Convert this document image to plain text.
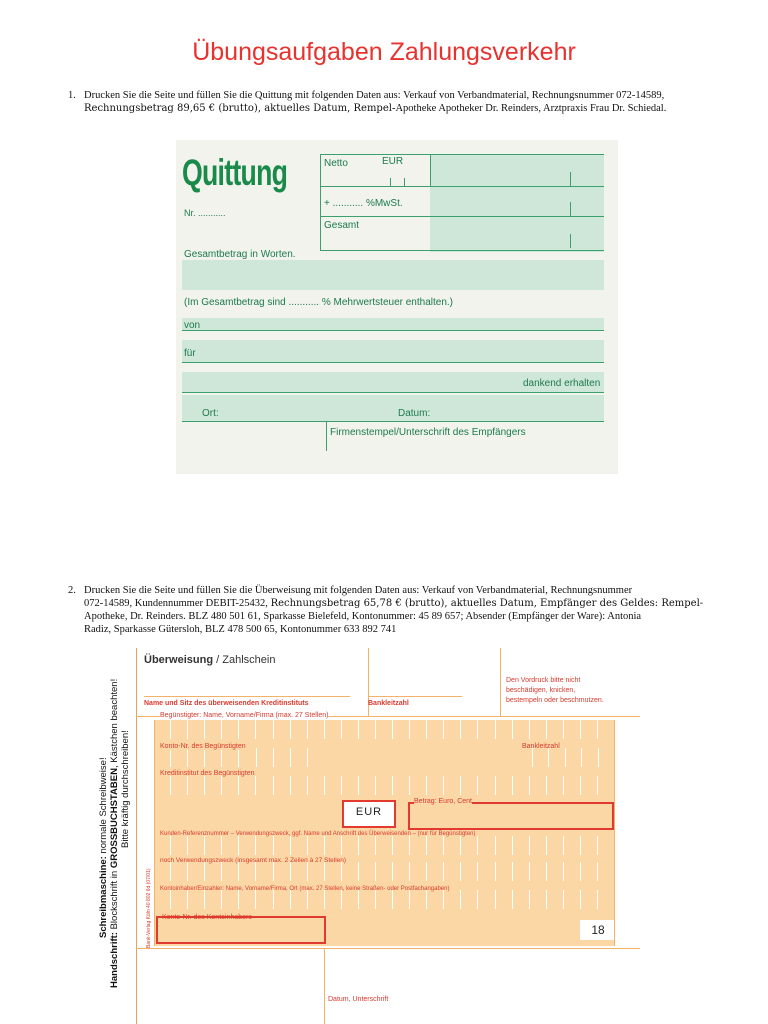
Übungsaufgaben Zahlungsverkehr
1. Drucken Sie die Seite und füllen Sie die Quittung mit folgenden Daten aus: Verkauf von Verbandmaterial, Rechnungsnummer 072-14589,
Rechnungsbetrag 89,65 € (brutto), aktuelles Datum, Rempel-Apotheke Apotheker Dr. Reinders, Arztpraxis Frau Dr. Schiedal.
Quittung	Netto	EUR
Nr. ...........
+ ........... %MwSt.
Gesamt
Gesamtbetrag in Worten.
(Im Gesamtbetrag sind ........... % Mehrwertsteuer enthalten.)
von
für
dankend erhalten
Ort:	Datum:
Firmenstempel/Unterschrift des Empfängers
2. Drucken Sie die Seite und füllen Sie die Überweisung mit folgenden Daten aus: Verkauf von Verbandmaterial, Rechnungsnummer
072-14589, Kundennummer DEBIT-25432, Rechnungsbetrag 65,78 € (brutto), aktuelles Datum, Empfänger des Geldes: Rempel-
Apotheke, Dr. Reinders. BLZ 480 501 61, Sparkasse Bielefeld, Kontonummer: 45 89 657; Absender (Empfänger der Ware): Antonia
Radiz, Sparkasse Gütersloh, BLZ 478 500 65, Kontonummer 633 892 741
Schreibmaschine: normale Schreibweise!
Handschrift: Blockschrift in GROSSBUCHSTABEN, Kästchen beachten!
Bitte kräftig durchschreiben!
Bank-Verlag Köln 40 802 6d (07/01)
Überweisung / Zahlschein
Den Vordruck bitte nicht
beschädigen, knicken,
bestempeln oder beschmutzen.
Name und Sitz des überweisenden Kreditinstituts	Bankleitzahl
Begünstigter: Name, Vorname/Firma (max. 27 Stellen)
Konto-Nr. des Begünstigten	Bankleitzahl
Kreditinstitut des Begünstigten
EUR
Betrag: Euro, Cent
Kunden-Referenznummer – Verwendungszweck, ggf. Name und Anschrift des Überweisenden – (nur für Begünstigten)
noch Verwendungszweck (insgesamt max. 2 Zeilen à 27 Stellen)
Kontoinhaber/Einzahler: Name, Vorname/Firma, Ort (max. 27 Stellen, keine Straßen- oder Postfachangaben)
Konto-Nr. des Kontoinhabers
18
Datum, Unterschrift
